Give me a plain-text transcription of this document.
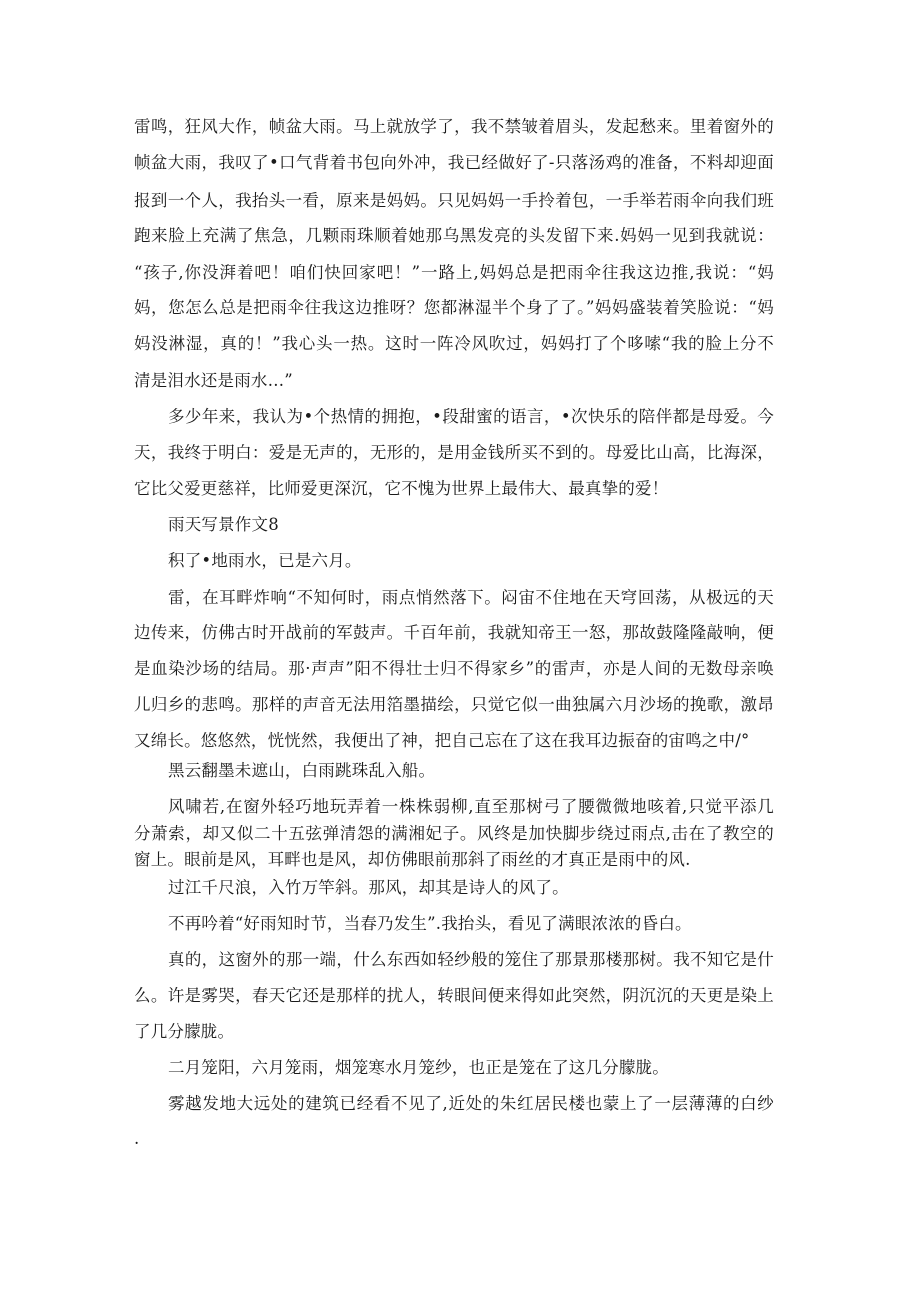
雷鸣，狂风大作，帧盆大雨。马上就放学了，我不禁皱着眉头，发起愁来。里着窗外的
帧盆大雨，我叹了•口气背着书包向外冲，我已经做好了-只落汤鸡的准备，不料却迎面
报到一个人，我抬头一看，原来是妈妈。只见妈妈一手拎着包，一手举若雨伞向我们班
跑来脸上充满了焦急，几颗雨珠顺着她那乌黑发亮的头发留下来.妈妈一见到我就说：
“孩子,你没湃着吧！咱们快回家吧！”一路上,妈妈总是把雨伞往我这边推,我说：“妈
妈，您怎么总是把雨伞往我这边推呀？您都淋湿半个身了了。”妈妈盛装着笑脸说：“妈
妈没淋湿，真的！”我心头一热。这时一阵冷风吹过，妈妈打了个哆嗦“我的脸上分不
清是泪水还是雨水…”
多少年来，我认为•个热情的拥抱，•段甜蜜的语言，•次快乐的陪伴都是母爱。今
天，我终于明白：爱是无声的，无形的，是用金钱所买不到的。母爱比山高，比海深，
它比父爱更慈祥，比师爱更深沉，它不愧为世界上最伟大、最真挚的爱！
雨天写景作文8
积了•地雨水，已是六月。
雷，在耳畔炸响“不知何时，雨点悄然落下。闷宙不住地在天穹回荡，从极远的天
边传来，仿佛古时开战前的军鼓声。千百年前，我就知帝王一怒，那故鼓隆隆敲响，便
是血染沙场的结局。那·声声”阳不得壮士归不得家乡”的雷声，亦是人间的无数母亲唤
儿归乡的悲鸣。那样的声音无法用箔墨描绘，只觉它似一曲独属六月沙场的挽歌，激昂
又绵长。悠悠然，恍恍然，我便出了神，把自己忘在了这在我耳边振奋的宙鸣之中/°
黑云翻墨未遮山，白雨跳珠乱入船。
风啸若,在窗外轻巧地玩弄着一株株弱柳,直至那树弓了腰微微地咳着,只觉平添几
分萧索，却又似二十五弦弹清怨的满湘妃子。风终是加快脚步绕过雨点,击在了教空的
窗上。眼前是风，耳畔也是风，却仿佛眼前那斜了雨丝的才真正是雨中的风.
过江千尺浪，入竹万竿斜。那风，却其是诗人的风了。
不再吟着“好雨知时节，当春乃发生”.我抬头，看见了满眼浓浓的昏白。
真的，这窗外的那一端，什么东西如轻纱般的笼住了那景那楼那树。我不知它是什
么。许是雾哭，春天它还是那样的扰人，转眼间便来得如此突然，阴沉沉的天更是染上
了几分朦胧。
二月笼阳，六月笼雨，烟笼寒水月笼纱，也正是笼在了这几分朦胧。
雾越发地大远处的建筑已经看不见了,近处的朱红居民楼也蒙上了一层薄薄的白纱
.
